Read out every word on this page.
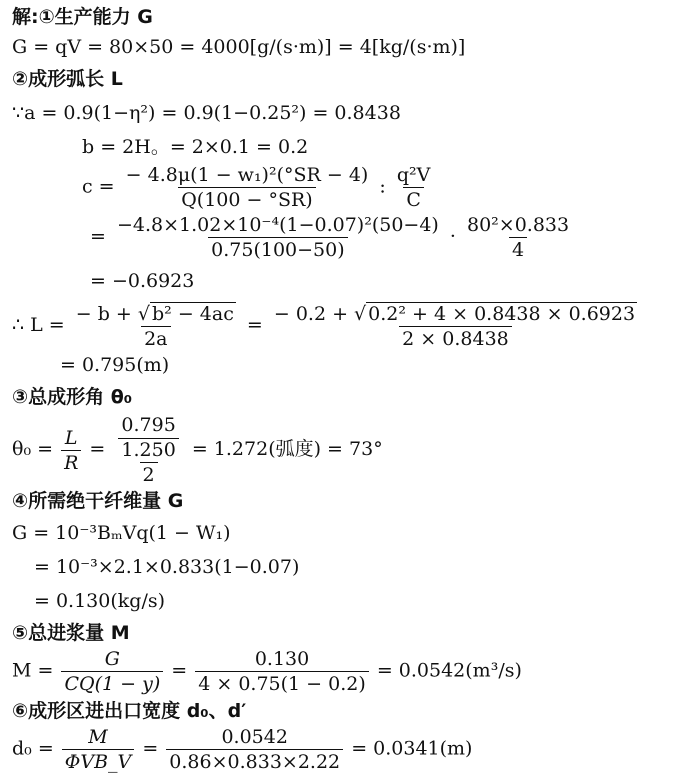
解:①生产能力 G
G = qV = 80×50 = 4000[g/(s·m)] = 4[kg/(s·m)]
②成形弧长 L
∵a = 0.9(1−η²) = 0.9(1−0.25²) = 0.8438
b = 2H。= 2×0.1 = 0.2
$c = \frac{\text{− 4.8μ(1 − w₁)²(°SR − 4)}}{Q(100 - ^\circ SR)}$ : $\frac{\text{q²V}}{C}$
= $\frac{\text{−4.8×1.02×10⁻⁴(1−0.07)²(50−4)}}{0.75(100-50)} \cdot \frac{\text{80²×0.833}}{4}$
= −0.6923
∴ $L = \frac{\text{− b + √ b² − 4ac}}{2a} = \frac{\text{− 0.2 + √ 0.2² + 4 × 0.8438 × 0.6923}}{2 \times 0.8438}$
= 0.795(m)
③总成形角 θ₀
$\theta_0 = \frac{L}{R}$ =
0.795
$\frac{1.250}{2} = 1.272$(弧度) = 73°
④所需绝干纤维量 G
G = 10⁻³BₘVq(1 − W₁)
= 10⁻³×2.1×0.833(1−0.07)
= 0.130(kg/s)
⑤总进浆量 M
$M = \frac{G}{CQ(1 - y)} = \frac{0.130}{4 \times 0.75(1 - 0.2)} = 0.0542(m^3/s)$
⑥成形区进出口宽度 d₀、d′
d₀ =
M
ΦVB_V
= $\frac{0.0542}{0.86\times 0.833\times 2.22} = 0.0341(m)$
